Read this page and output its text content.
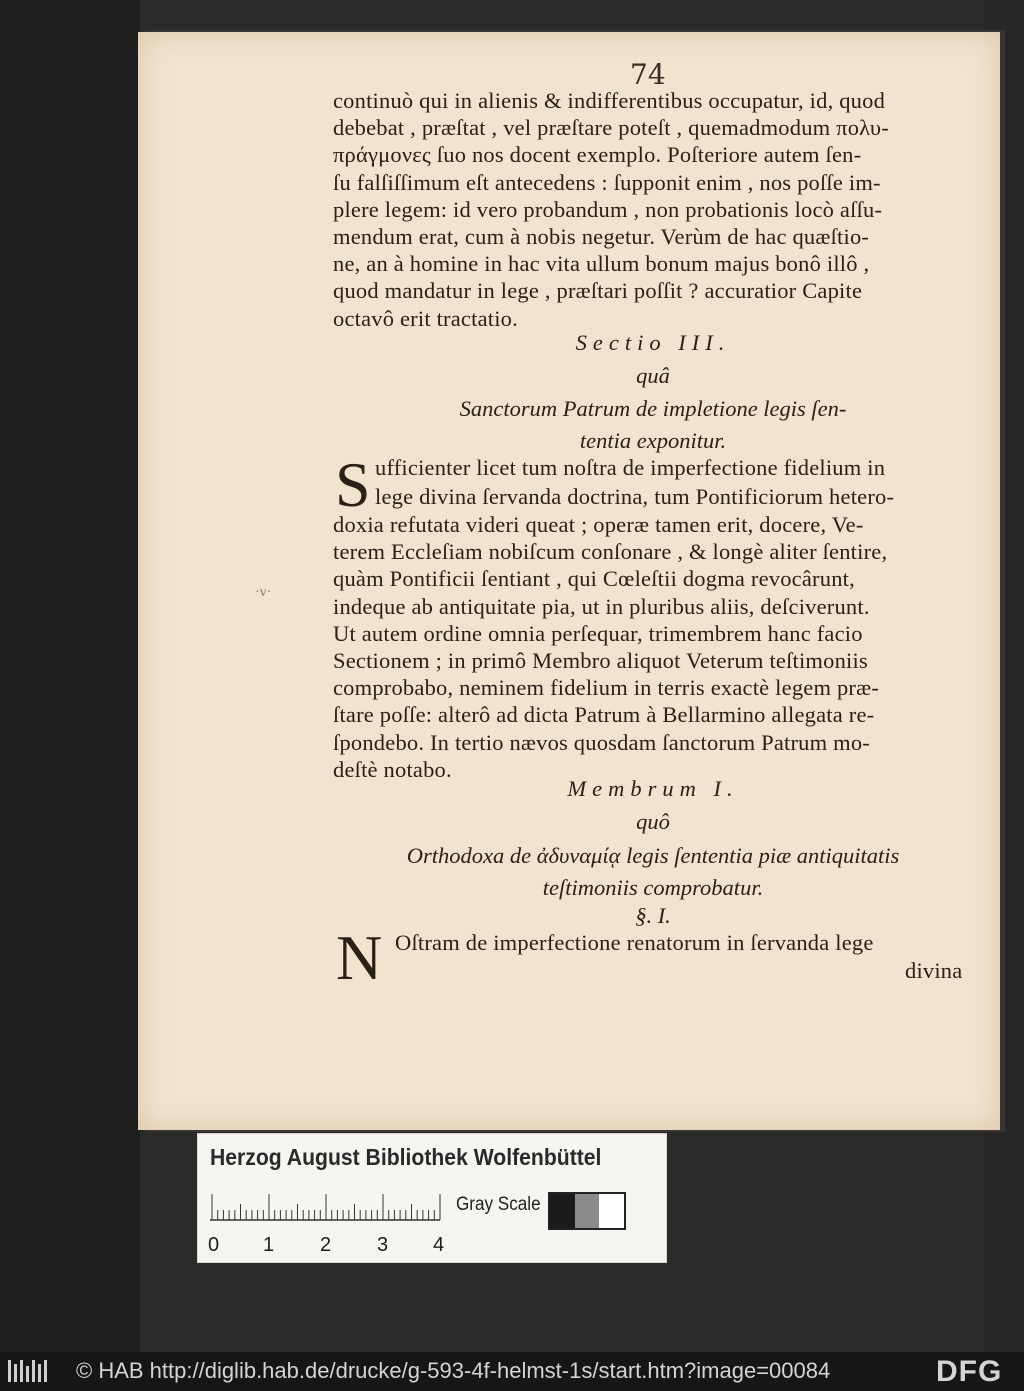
74
continuò qui in alienis & indifferentibus occupatur, id, quod
debebat , præſtat , vel præſtare poteſt , quemadmodum πολυ-
πράγμονες ſuo nos docent exemplo. Poſteriore autem ſen-
ſu falſiſſimum eſt antecedens : ſupponit enim , nos poſſe im-
plere legem: id vero probandum , non probationis locò aſſu-
mendum erat, cum à nobis negetur. Verùm de hac quæſtio-
ne, an à homine in hac vita ullum bonum majus bonô illô ,
quod mandatur in lege , præſtari poſſit ? accuratior Capite
octavô erit tractatio.
Sectio III.
quâ
Sanctorum Patrum de impletione legis ſen-
tentia exponitur.
S ufficienter licet tum noſtra de imperfectione fidelium in
lege divina ſervanda doctrina, tum Pontificiorum hetero-
doxia refutata videri queat ; operæ tamen erit, docere, Ve-
terem Eccleſiam nobiſcum conſonare , & longè aliter ſentire,
quàm Pontificii ſentiant , qui Cœleſtii dogma revocârunt,
indeque ab antiquitate pia, ut in pluribus aliis, deſciverunt.
Ut autem ordine omnia perſequar, trimembrem hanc facio
Sectionem ; in primô Membro aliquot Veterum teſtimoniis
comprobabo, neminem fidelium in terris exactè legem præ-
ſtare poſſe: alterô ad dicta Patrum à Bellarmino allegata re-
ſpondebo. In tertio nævos quosdam ſanctorum Patrum mo-
deſtè notabo.
Membrum I.
quô
Orthodoxa de ἀδυναμίᾳ legis ſententia piæ antiquitatis
teſtimoniis comprobatur.
§. I.
N Oſtram de imperfectione renatorum in ſervanda lege
divina
·v·
Herzog August Bibliothek Wolfenbüttel
0 1 2 3 4
Gray Scale
© HAB http://diglib.hab.de/drucke/g-593-4f-helmst-1s/start.htm?image=00084	DFG
